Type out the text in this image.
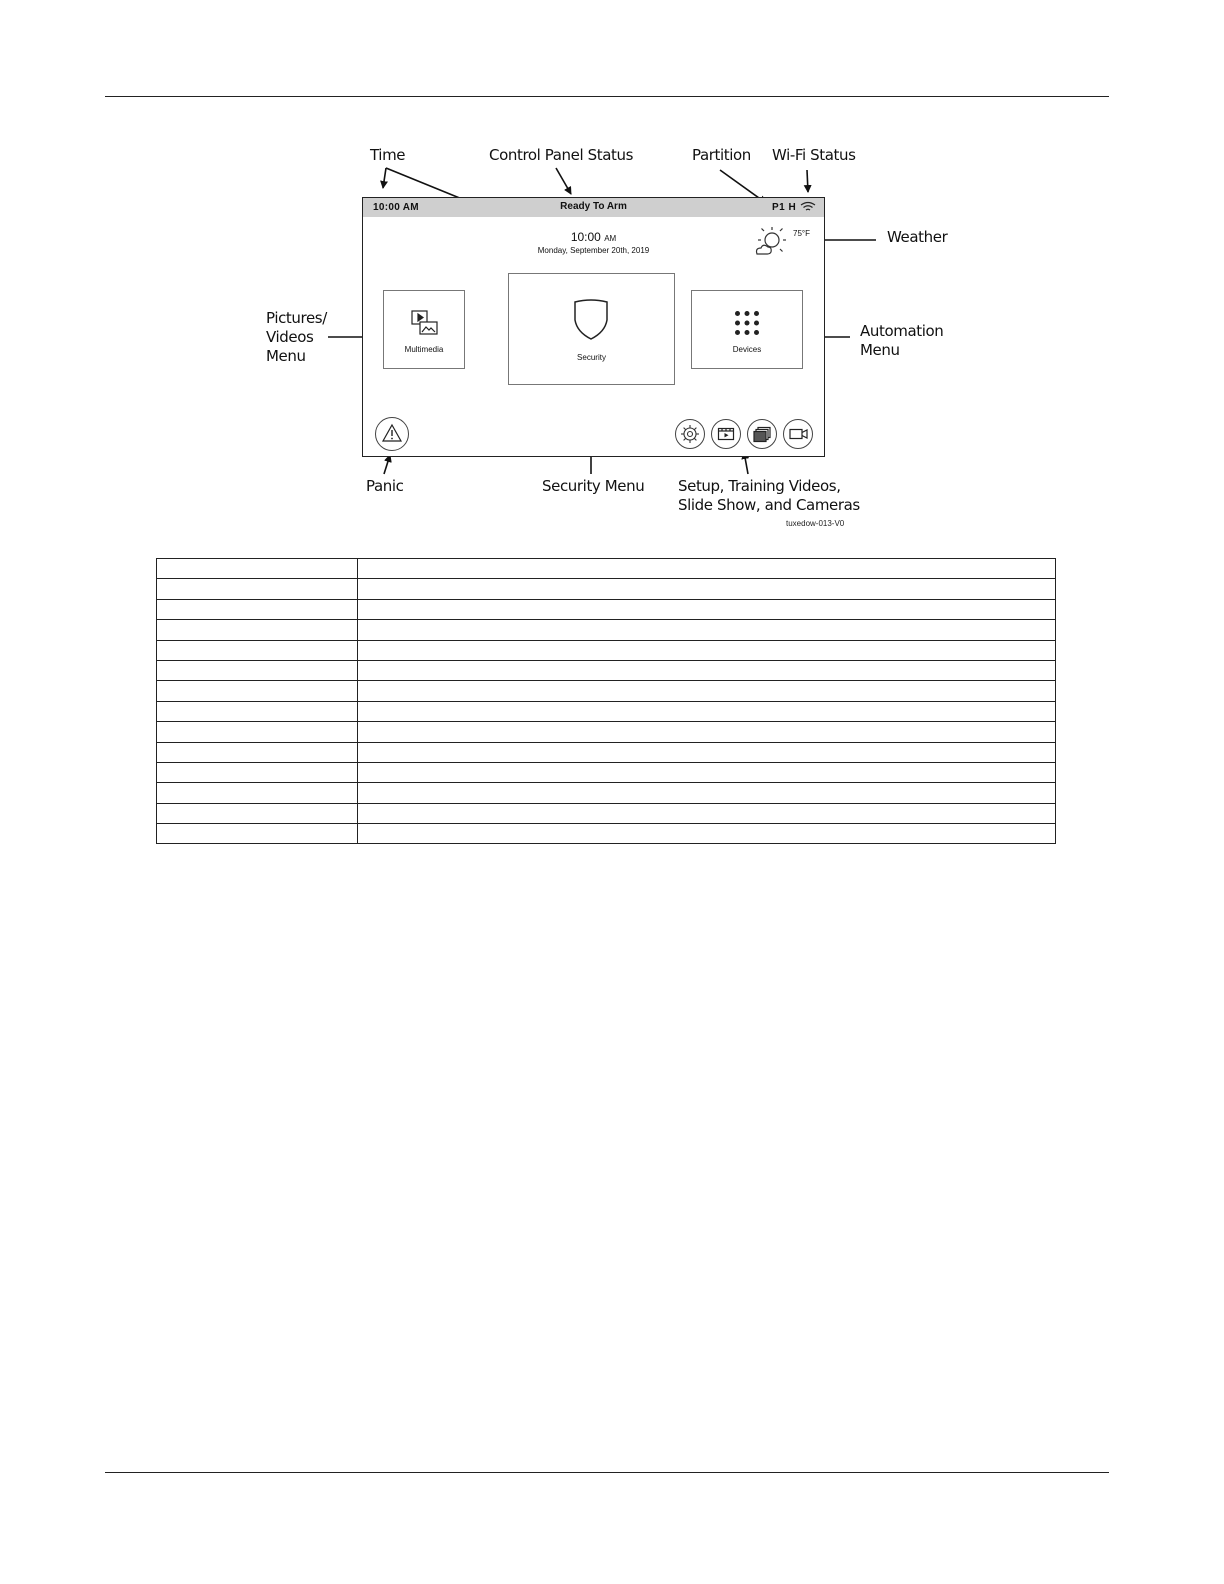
Time	Control Panel Status	Partition Wi-Fi Status
Weather
Pictures/
Videos
Menu
Automation
Menu
Panic	Security Menu Setup, Training Videos,
Slide Show, and Cameras
10:00 AM	Ready To Arm	P1 H
10:00 AM
Monday, September 20th, 2019
75°F
Multimedia
Security
Devices
tuxedow-013-V0
